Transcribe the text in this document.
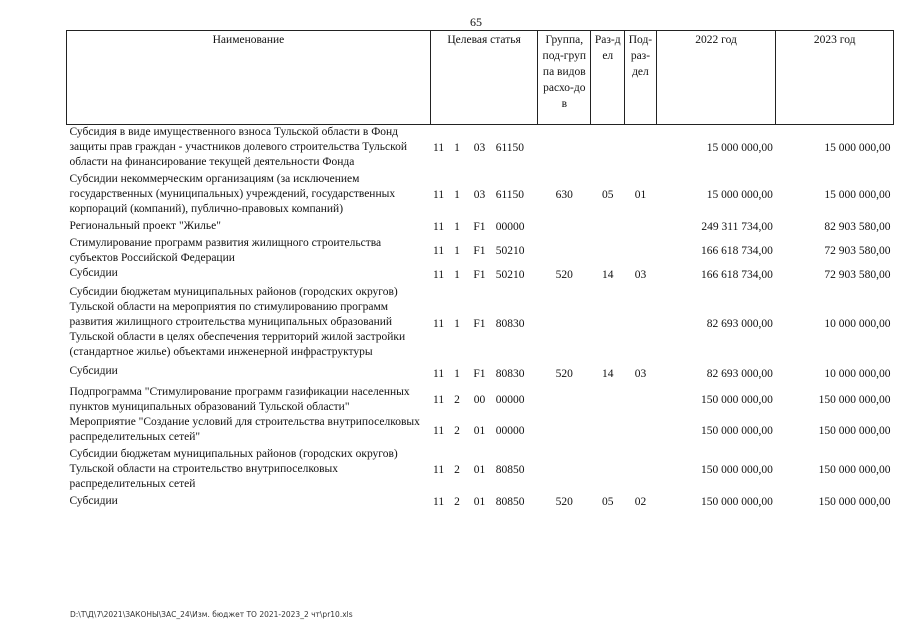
65
Наименование	Целевая статья				Группа, под-группа видов расхо-дов	Раз-дел	Под-раз-дел	2022 год	2023 год
Субсидия в виде имущественного взноса Тульской области в Фонд защиты прав граждан - участников долевого строительства Тульской области на финансирование текущей деятельности Фонда	11	1	03	61150				15 000 000,00	15 000 000,00
Субсидии некоммерческим организациям (за исключением государственных (муниципальных) учреждений, государственных корпораций (компаний), публично-правовых компаний)	11	1	03	61150	630	05	01	15 000 000,00	15 000 000,00
Региональный проект "Жилье"	11	1	F1	00000				249 311 734,00	82 903 580,00
Стимулирование программ развития жилищного строительства субъектов Российской Федерации	11	1	F1	50210				166 618 734,00	72 903 580,00
Субсидии	11	1	F1	50210	520	14	03	166 618 734,00	72 903 580,00
Субсидии бюджетам муниципальных районов (городских округов) Тульской области на мероприятия по стимулированию программ развития жилищного строительства муниципальных образований Тульской области в целях обеспечения территорий жилой застройки (стандартное жилье) объектами инженерной инфраструктуры	11	1	F1	80830				82 693 000,00	10 000 000,00
Субсидии	11	1	F1	80830	520	14	03	82 693 000,00	10 000 000,00
Подпрограмма "Стимулирование программ газификации населенных пунктов муниципальных образований Тульской области"	11	2	00	00000				150 000 000,00	150 000 000,00
Мероприятие "Создание условий для строительства внутрипоселковых распределительных сетей"	11	2	01	00000				150 000 000,00	150 000 000,00
Субсидии бюджетам муниципальных районов (городских округов) Тульской области на строительство внутрипоселковых распределительных сетей	11	2	01	80850				150 000 000,00	150 000 000,00
Субсидии	11	2	01	80850	520	05	02	150 000 000,00	150 000 000,00
D:\Т\Д\7\2021\ЗАКОНЫ\ЗАС_24\Изм. бюджет ТО 2021-2023_2 чт\pr10.xls
